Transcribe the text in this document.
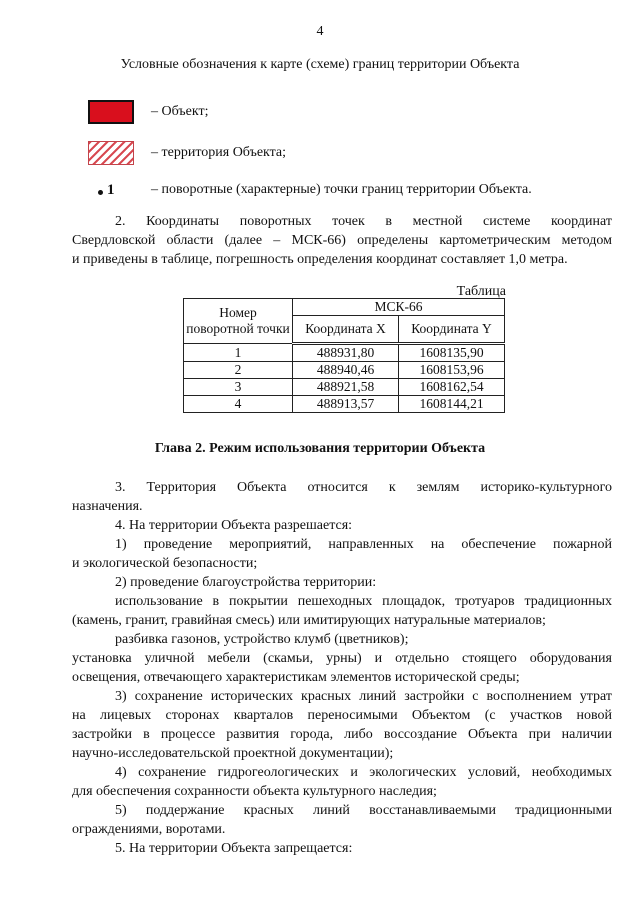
4
Условные обозначения к карте (схеме) границ территории Объекта
– Объект;
– территория Объекта;
1	– поворотные (характерные) точки границ территории Объекта.
2. Координаты поворотных точек в местной системе координат
Свердловской области (далее – МСК-66) определены картометрическим методом
и приведены в таблице, погрешность определения координат составляет 1,0 метра.
Таблица
Номер поворотной точки	МСК-66	
	Координата X	Координата Y
1	488931,80	1608135,90
2	488940,46	1608153,96
3	488921,58	1608162,54
4	488913,57	1608144,21
Глава 2. Режим использования территории Объекта
3. Территория Объекта относится к землям историко-культурного
назначения.
4. На территории Объекта разрешается:
1) проведение мероприятий, направленных на обеспечение пожарной
и экологической безопасности;
2) проведение благоустройства территории:
использование в покрытии пешеходных площадок, тротуаров традиционных
(камень, гранит, гравийная смесь) или имитирующих натуральные материалов;
разбивка газонов, устройство клумб (цветников);
установка уличной мебели (скамьи, урны) и отдельно стоящего оборудования
освещения, отвечающего характеристикам элементов исторической среды;
3) сохранение исторических красных линий застройки с восполнением утрат
на лицевых сторонах кварталов переносимыми Объектом (с участков новой
застройки в процессе развития города, либо воссоздание Объекта при наличии
научно-исследовательской проектной документации);
4) сохранение гидрогеологических и экологических условий, необходимых
для обеспечения сохранности объекта культурного наследия;
5) поддержание красных линий восстанавливаемыми традиционными
ограждениями, воротами.
5. На территории Объекта запрещается:
